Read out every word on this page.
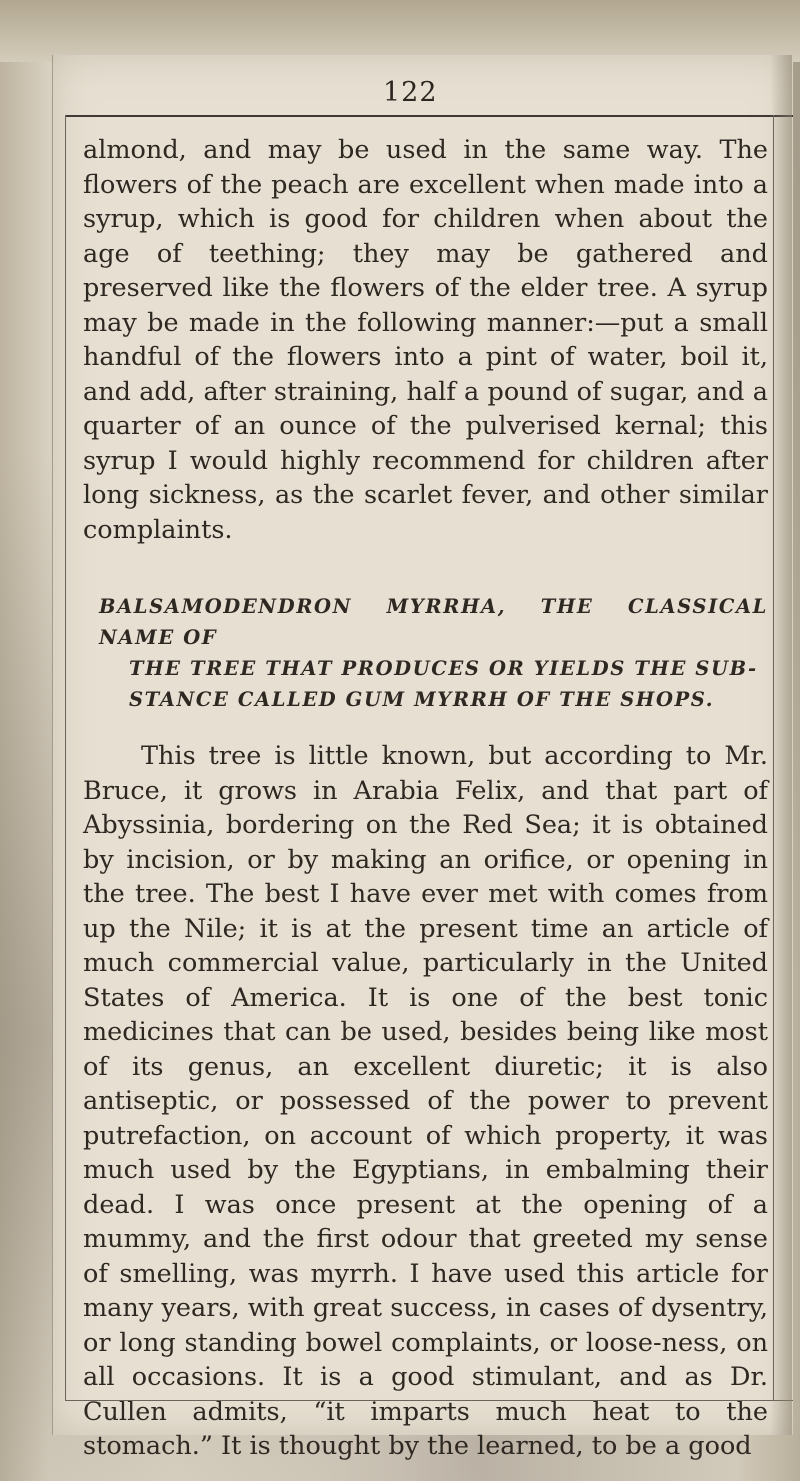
122

almond, and may be used in the same way. The flowers of the peach are excellent when made into a syrup, which is good for children when about the age of teething; they may be gathered and preserved like the flowers of the elder tree. A syrup may be made in the following manner:—put a small handful of the flowers into a pint of water, boil it, and add, after straining, half a pound of sugar, and a quarter of an ounce of the pulverised kernal; this syrup I would highly recommend for children after long sickness, as the scarlet fever, and other similar complaints.

BALSAMODENDRON MYRRHA, THE CLASSICAL NAME OF
THE TREE THAT PRODUCES OR YIELDS THE SUB-
STANCE CALLED GUM MYRRH OF THE SHOPS.

This tree is little known, but according to Mr. Bruce, it grows in Arabia Felix, and that part of Abyssinia, bordering on the Red Sea; it is obtained by incision, or by making an orifice, or opening in the tree. The best I have ever met with comes from up the Nile; it is at the present time an article of much commercial value, particularly in the United States of America. It is one of the best tonic medicines that can be used, besides being like most of its genus, an excellent diuretic; it is also antiseptic, or possessed of the power to prevent putrefaction, on account of which property, it was much used by the Egyptians, in embalming their dead. I was once present at the opening of a mummy, and the first odour that greeted my sense of smelling, was myrrh. I have used this article for many years, with great success, in cases of dysentry, or long standing bowel complaints, or loose-ness, on all occasions. It is a good stimulant, and as Dr. Cullen admits, “it imparts much heat to the stomach.” It is thought by the learned, to be a good
